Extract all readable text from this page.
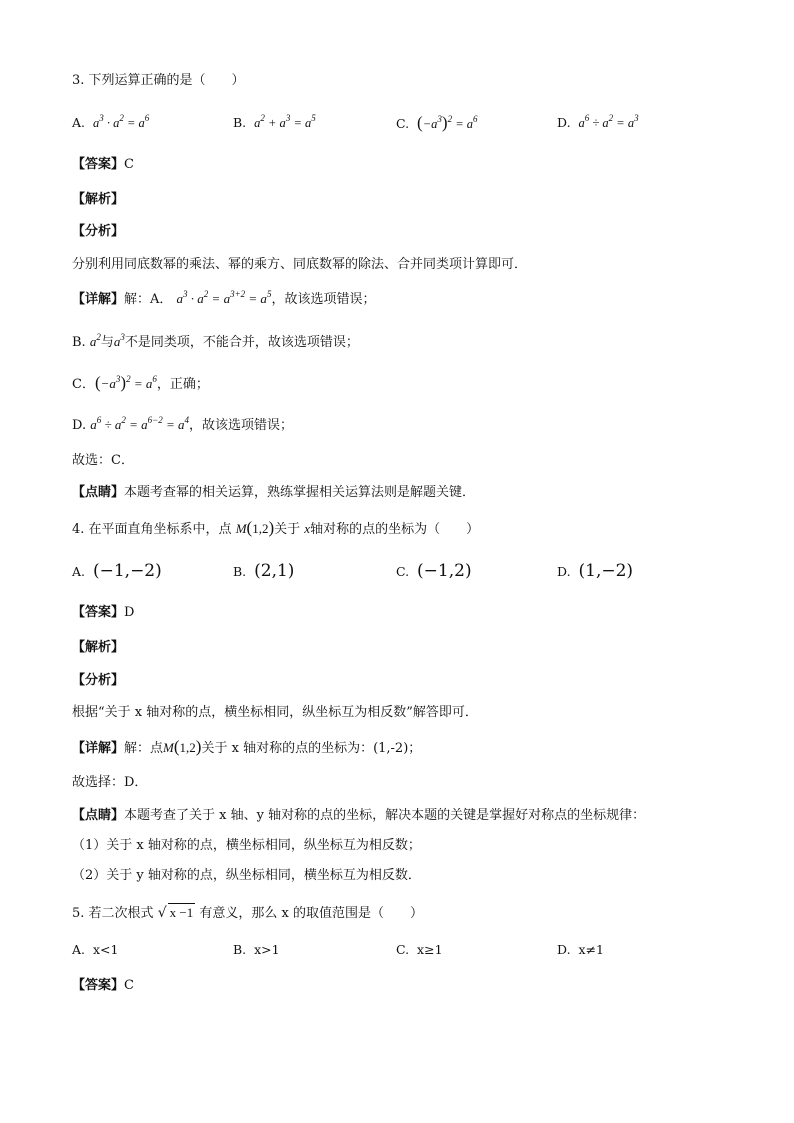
3. 下列运算正确的是（　　）
A. $a^3 \cdot a^2 = a^6$	B. $a^2 + a^3 = a^5$	C. $(-a^3)^2 = a^6$	D. $a^6 \div a^2 = a^3$
【答案】C
【解析】
【分析】
分别利用同底数幂的乘法、幂的乘方、同底数幂的除法、合并同类项计算即可．
【详解】解：A． $a^3 \cdot a^2 = a^{3+2} = a^5$，故该选项错误；
B. $a^2$与$a^3$不是同类项，不能合并，故该选项错误；
C．$(-a^3)^2 = a^6$，正确；
D. $a^6 \div a^2 = a^{6-2} = a^4$，故该选项错误；
故选：C．
【点睛】本题考查幂的相关运算，熟练掌握相关运算法则是解题关键．
4. 在平面直角坐标系中，点 M(1,2)关于 x轴对称的点的坐标为（　　）
A. (−1,−2)	B. (2,1)	C. (−1,2)	D. (1,−2)
【答案】D
【解析】
【分析】
根据“关于 x 轴对称的点，横坐标相同，纵坐标互为相反数”解答即可．
【详解】解：点M(1,2)关于 x 轴对称的点的坐标为：(1,-2)；
故选择：D．
【点睛】本题考查了关于 x 轴、y 轴对称的点的坐标，解决本题的关键是掌握好对称点的坐标规律：
（1）关于 x 轴对称的点，横坐标相同，纵坐标互为相反数；
（2）关于 y 轴对称的点，纵坐标相同，横坐标互为相反数．
5. 若二次根式 √ x −1 有意义，那么 x 的取值范围是（　　）
A. x<1	B. x>1	C. x≥1	D. x≠1
【答案】C
